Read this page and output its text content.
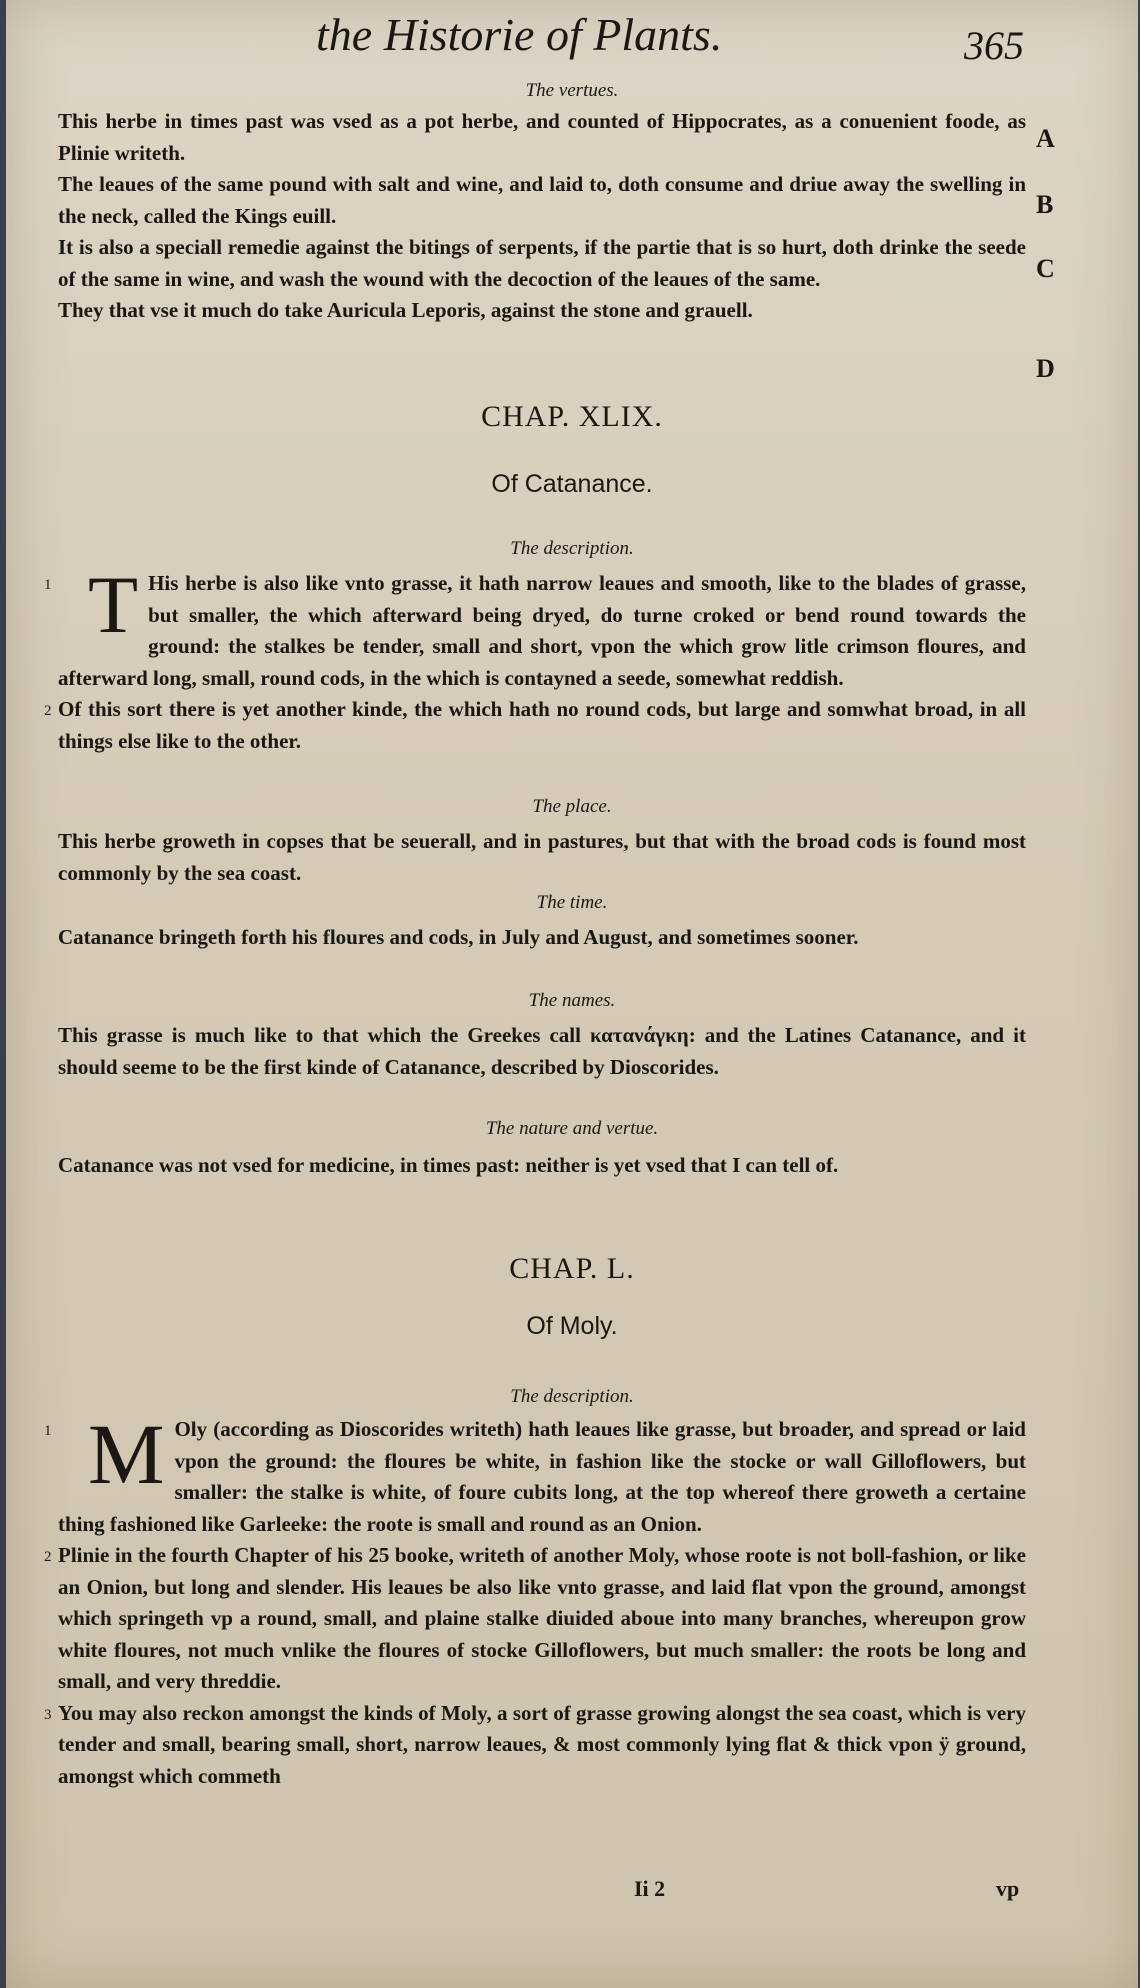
the Historie of Plants.	365
The vertues.
This herbe in times past was vsed as a pot herbe, and counted of Hippocrates, as a conuenient foode, as Plinie writeth.
The leaues of the same pound with salt and wine, and laid to, doth consume and driue away the swelling in the neck, called the Kings euill.
It is also a speciall remedie against the bitings of serpents, if the partie that is so hurt, doth drinke the seede of the same in wine, and wash the wound with the decoction of the leaues of the same.
They that vse it much do take Auricula Leporis, against the stone and grauell.
A
B
C
D
CHAP. XLIX.
Of Catanance.
The description.
1 T His herbe is also like vnto grasse, it hath narrow leaues and smooth, like to the blades of grasse, but smaller, the which afterward being dryed, do turne croked or bend round towards the ground: the stalkes be tender, small and short, vpon the which grow litle crimson floures, and afterward long, small, round cods, in the which is contayned a seede, somewhat reddish.
2 Of this sort there is yet another kinde, the which hath no round cods, but large and somwhat broad, in all things else like to the other.
The place.
This herbe groweth in copses that be seuerall, and in pastures, but that with the broad cods is found most commonly by the sea coast.
The time.
Catanance bringeth forth his floures and cods, in July and August, and sometimes sooner.
The names.
This grasse is much like to that which the Greekes call κατανάγκη: and the Latines Catanance, and it should seeme to be the first kinde of Catanance, described by Dioscorides.
The nature and vertue.
Catanance was not vsed for medicine, in times past: neither is yet vsed that I can tell of.
CHAP. L.
Of Moly.
The description.
1 M Oly (according as Dioscorides writeth) hath leaues like grasse, but broader, and spread or laid vpon the ground: the floures be white, in fashion like the stocke or wall Gilloflowers, but smaller: the stalke is white, of foure cubits long, at the top whereof there groweth a certaine thing fashioned like Garleeke: the roote is small and round as an Onion.
2 Plinie in the fourth Chapter of his 25 booke, writeth of another Moly, whose roote is not boll-fashion, or like an Onion, but long and slender. His leaues be also like vnto grasse, and laid flat vpon the ground, amongst which springeth vp a round, small, and plaine stalke diuided aboue into many branches, whereupon grow white floures, not much vnlike the floures of stocke Gilloflowers, but much smaller: the roots be long and small, and very threddie.
3 You may also reckon amongst the kinds of Moly, a sort of grasse growing alongst the sea coast, which is very tender and small, bearing small, short, narrow leaues, & most commonly lying flat & thick vpon ÿ ground, amongst which commeth
Ii 2	vp
